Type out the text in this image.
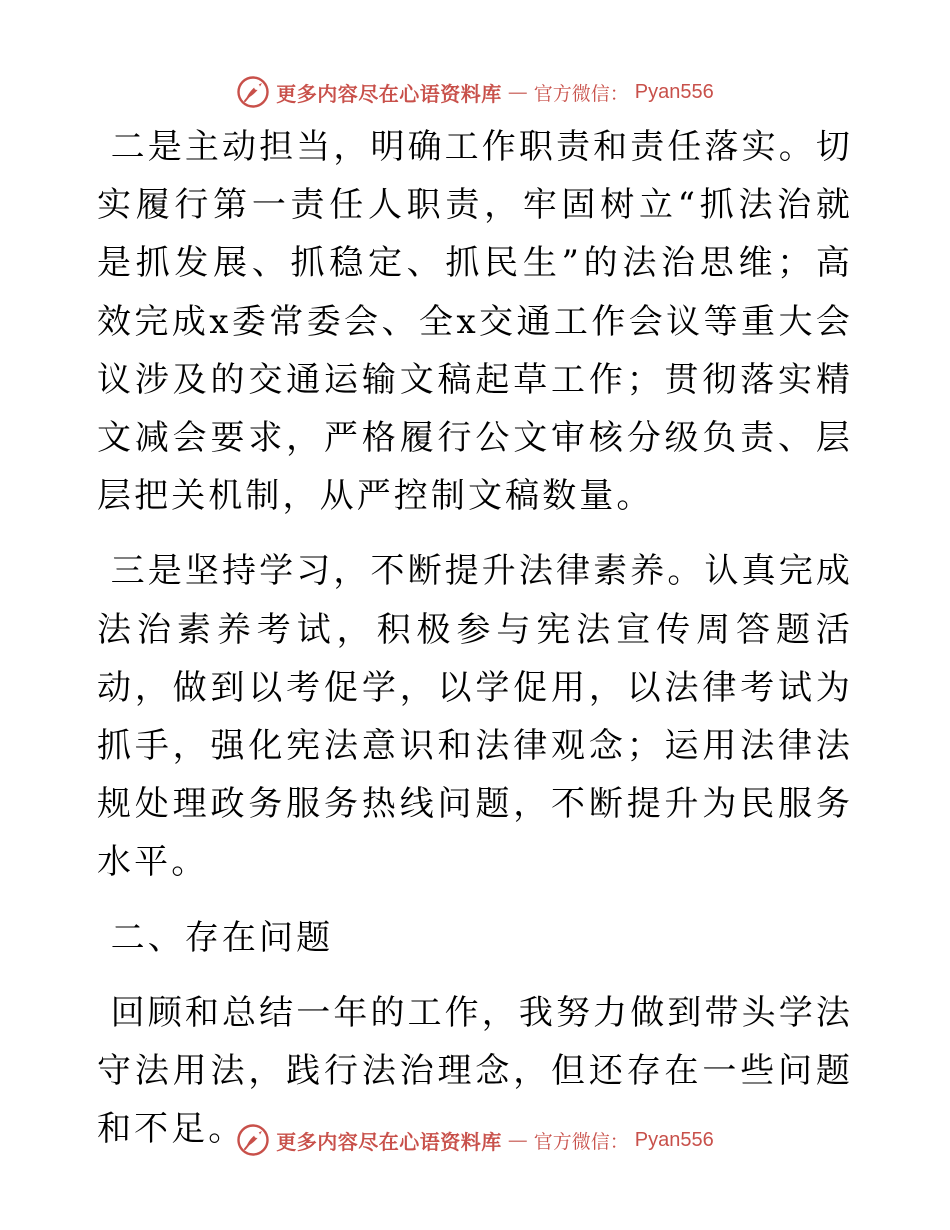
更多内容尽在心语资料库 — 官方微信： Pyan556

二是主动担当，明确工作职责和责任落实。切实履行第一责任人职责，牢固树立“抓法治就是抓发展、抓稳定、抓民生”的法治思维；高效完成x委常委会、全x交通工作会议等重大会议涉及的交通运输文稿起草工作；贯彻落实精文减会要求，严格履行公文审核分级负责、层层把关机制，从严控制文稿数量。

三是坚持学习，不断提升法律素养。认真完成法治素养考试，积极参与宪法宣传周答题活动，做到以考促学，以学促用，以法律考试为抓手，强化宪法意识和法律观念；运用法律法规处理政务服务热线问题，不断提升为民服务水平。

二、存在问题

回顾和总结一年的工作，我努力做到带头学法守法用法，践行法治理念，但还存在一些问题和不足。	更多内容尽在心语资料库 — 官方微信： Pyan556
